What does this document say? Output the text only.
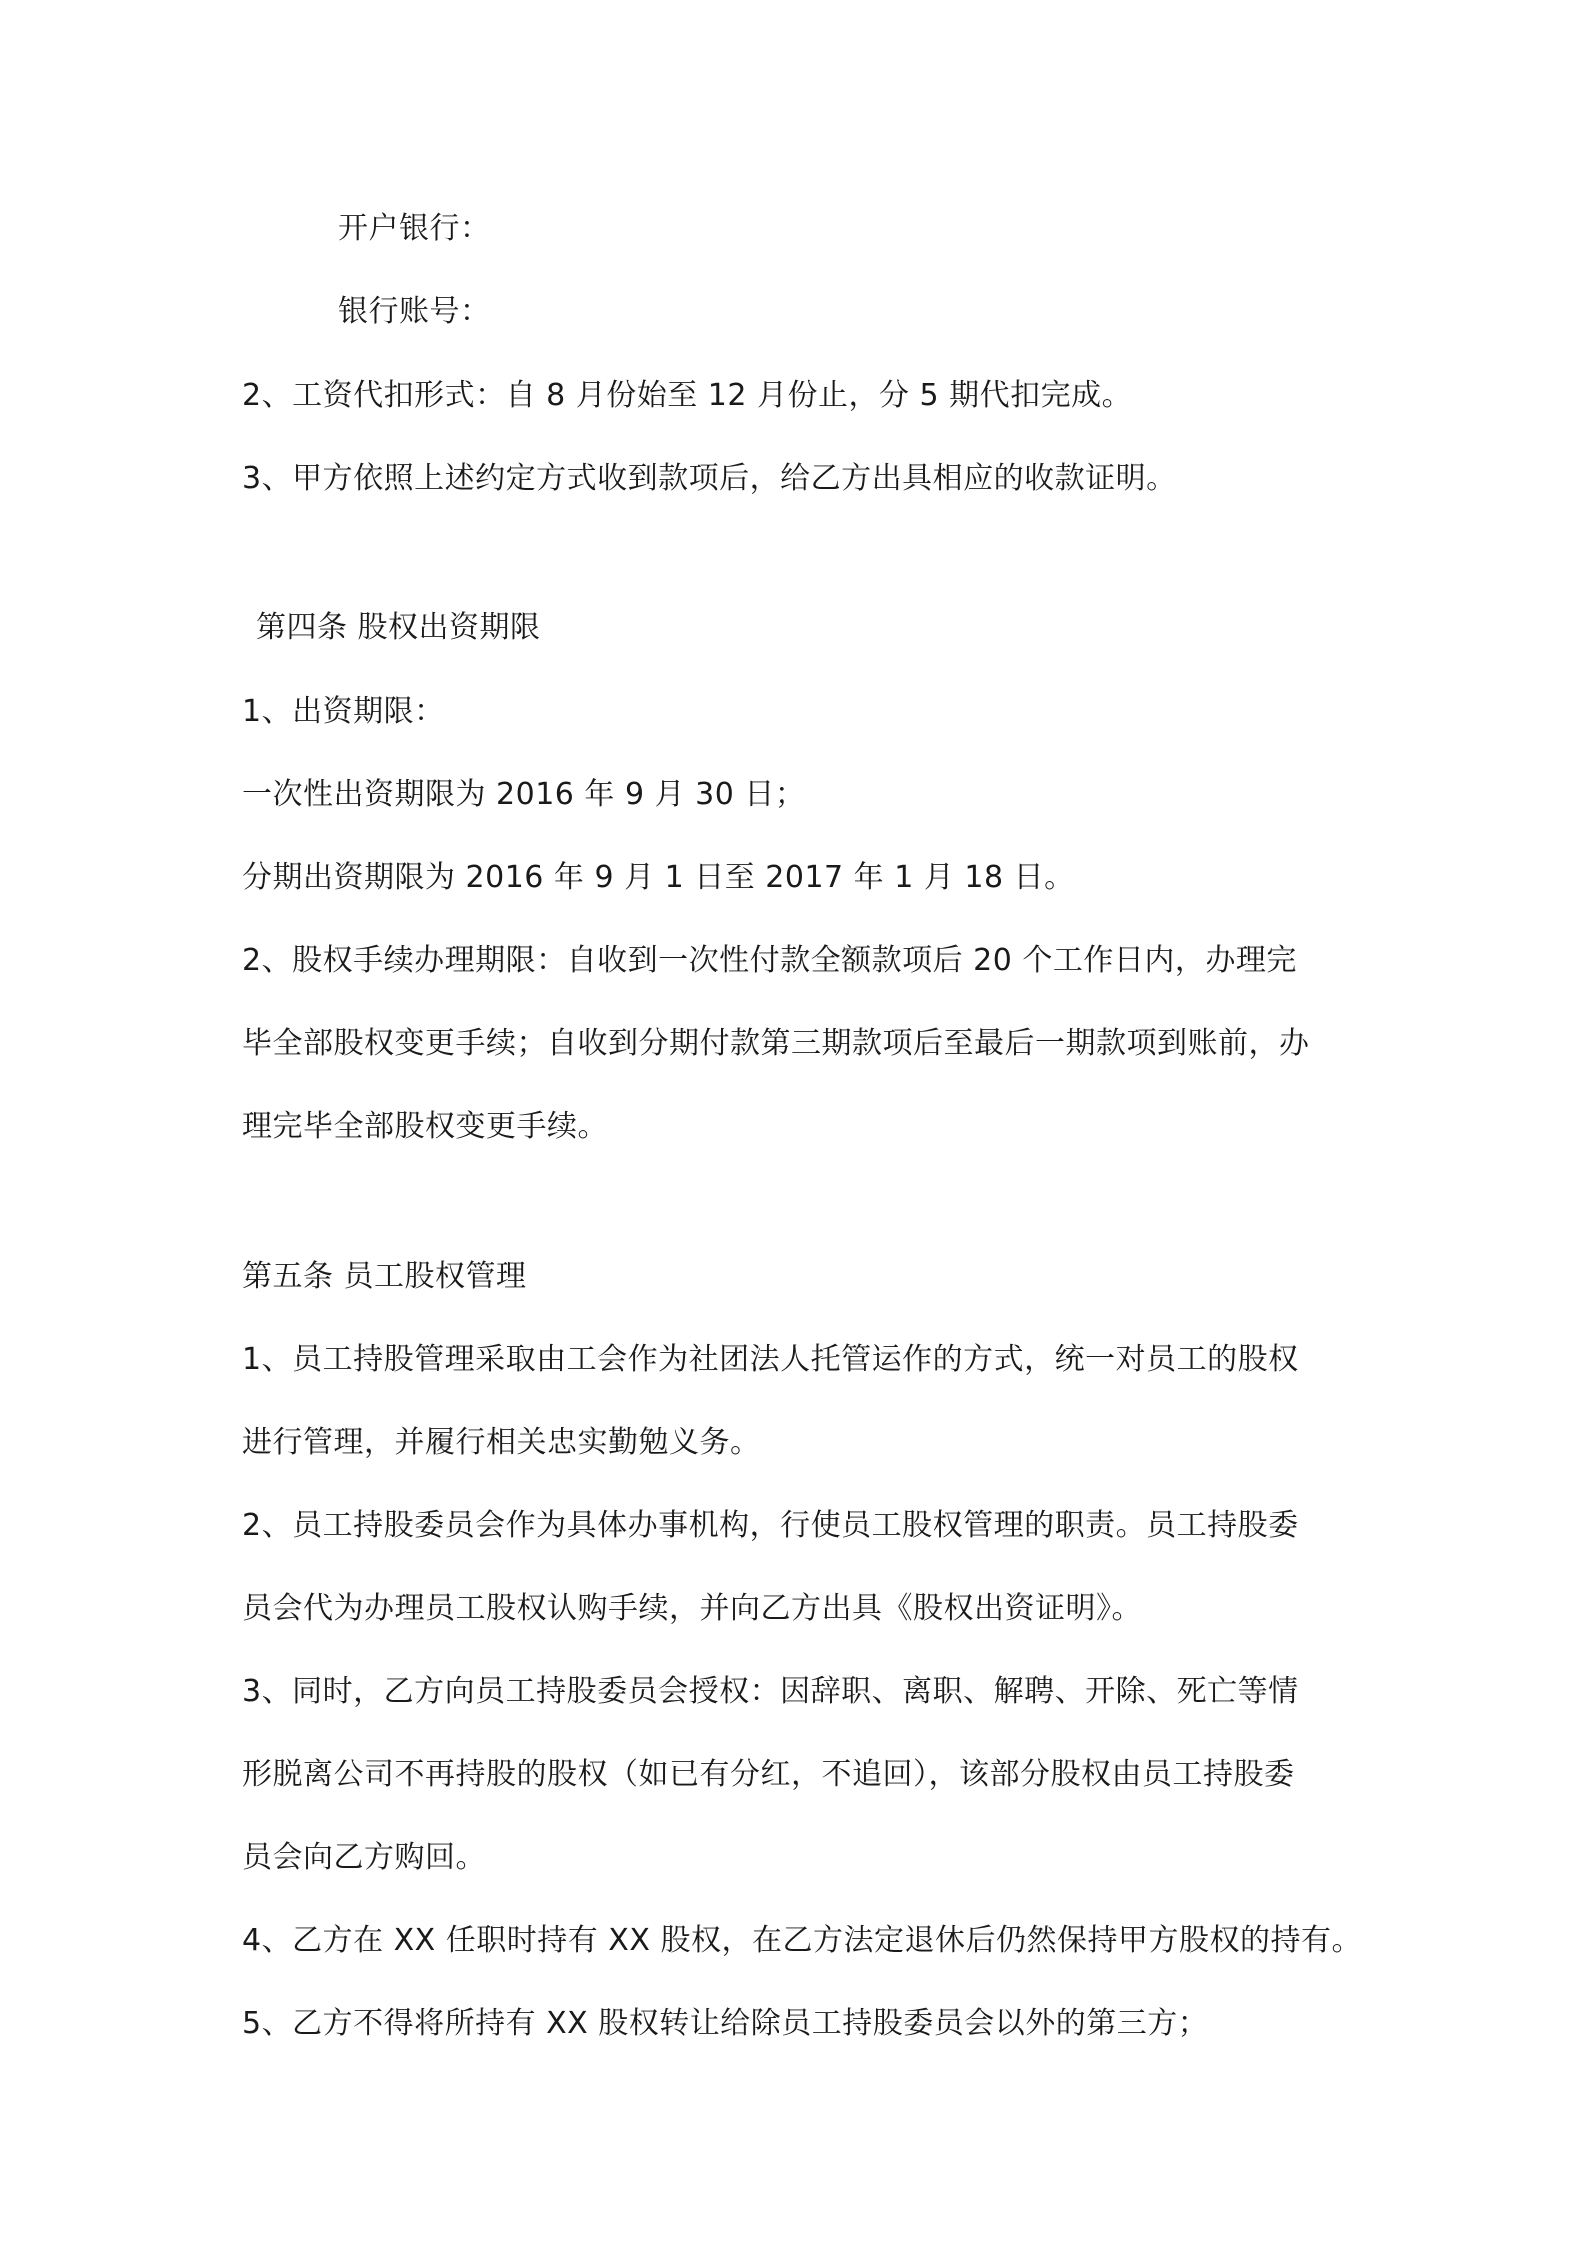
开户银行：
银行账号：
2、工资代扣形式：自 8 月份始至 12 月份止，分 5 期代扣完成。
3、甲方依照上述约定方式收到款项后，给乙方出具相应的收款证明。
第四条 股权出资期限
1、出资期限：
一次性出资期限为 2016 年 9 月 30 日；
分期出资期限为 2016 年 9 月 1 日至 2017 年 1 月 18 日。
2、股权手续办理期限：自收到一次性付款全额款项后 20 个工作日内，办理完
毕全部股权变更手续；自收到分期付款第三期款项后至最后一期款项到账前，办
理完毕全部股权变更手续。
第五条 员工股权管理
1、员工持股管理采取由工会作为社团法人托管运作的方式，统一对员工的股权
进行管理，并履行相关忠实勤勉义务。
2、员工持股委员会作为具体办事机构，行使员工股权管理的职责。员工持股委
员会代为办理员工股权认购手续，并向乙方出具《股权出资证明》。
3、同时，乙方向员工持股委员会授权：因辞职、离职、解聘、开除、死亡等情
形脱离公司不再持股的股权（如已有分红，不追回），该部分股权由员工持股委
员会向乙方购回。
4、乙方在 XX 任职时持有 XX 股权，在乙方法定退休后仍然保持甲方股权的持有。
5、乙方不得将所持有 XX 股权转让给除员工持股委员会以外的第三方；
